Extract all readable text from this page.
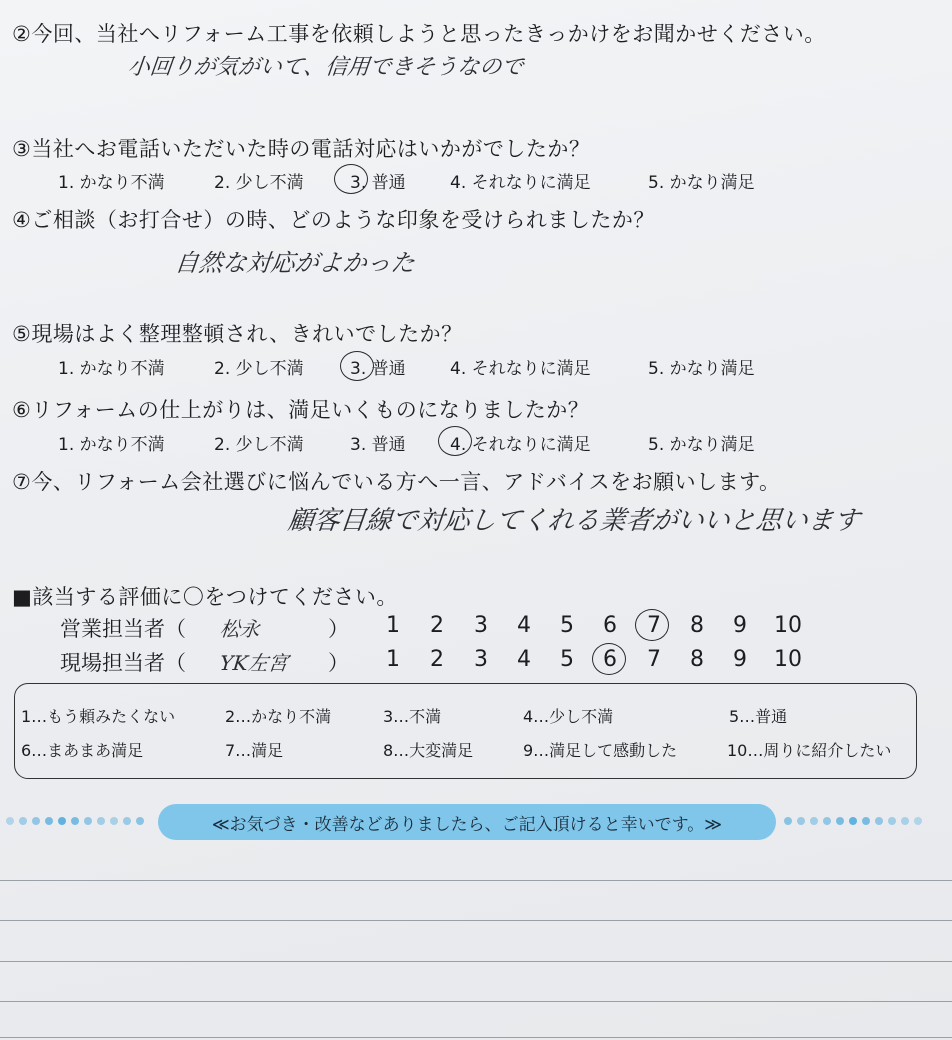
②今回、当社へリフォーム工事を依頼しようと思ったきっかけをお聞かせください。
小回りが気がいて、信用できそうなので
③当社へお電話いただいた時の電話対応はいかがでしたか？
1. かなり不満	2. 少し不満	3. 普通	4. それなりに満足	5. かなり満足
④ご相談（お打合せ）の時、どのような印象を受けられましたか？
自然な対応がよかった
⑤現場はよく整理整頓され、きれいでしたか？
1. かなり不満	2. 少し不満	3. 普通	4. それなりに満足	5. かなり満足
⑥リフォームの仕上がりは、満足いくものになりましたか？
1. かなり不満	2. 少し不満	3. 普通	4. それなりに満足	5. かなり満足
⑦今、リフォーム会社選びに悩んでいる方へ一言、アドバイスをお願いします。
顧客目線で対応してくれる業者がいいと思います
■該当する評価に〇をつけてください。
営業担当者（ 松永	） 1 2 3 4 5 6 7 8 9 10
現場担当者（ YK左宮 ） 1 2 3 4 5 6 7 8 9 10
1…もう頼みたくない	2…かなり不満	3…不満	4…少し不満	5…普通
6…まあまあ満足	7…満足	8…大変満足	9…満足して感動した	10…周りに紹介したい
≪お気づき・改善などありましたら、ご記入頂けると幸いです。≫
